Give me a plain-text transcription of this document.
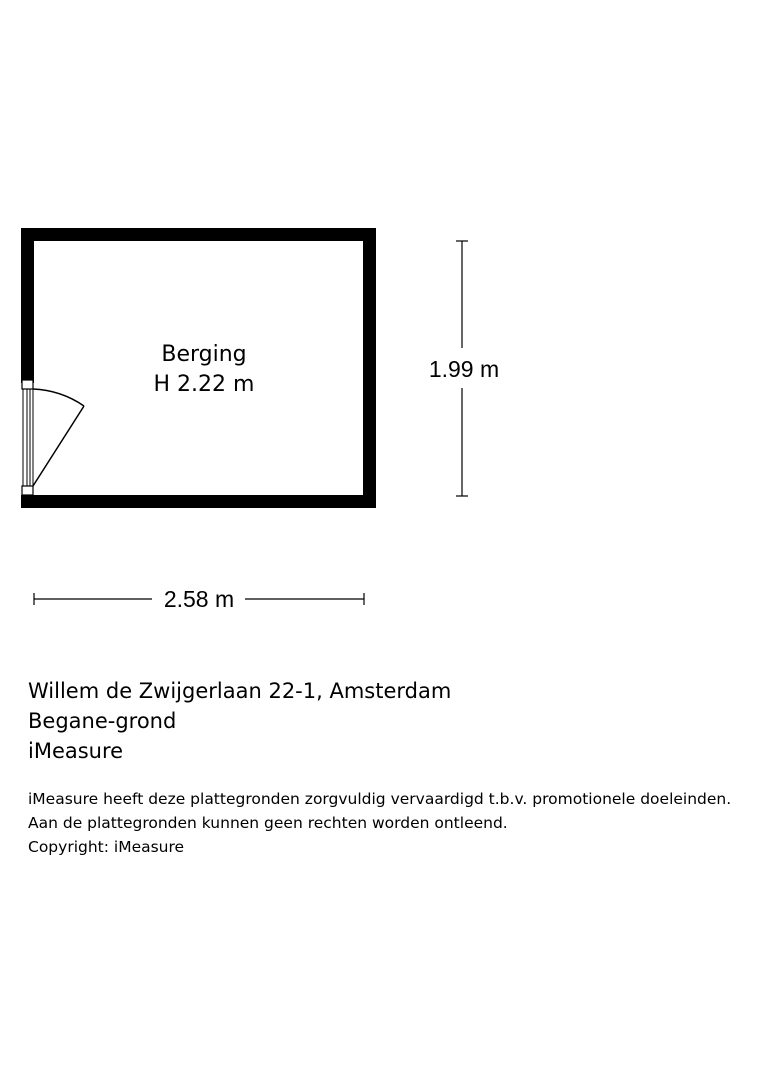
Berging
H 2.22 m
1.99 m
2.58 m
Willem de Zwijgerlaan 22-1, Amsterdam
Begane-grond
iMeasure
iMeasure heeft deze plattegronden zorgvuldig vervaardigd t.b.v. promotionele doeleinden.
Aan de plattegronden kunnen geen rechten worden ontleend.
Copyright: iMeasure
